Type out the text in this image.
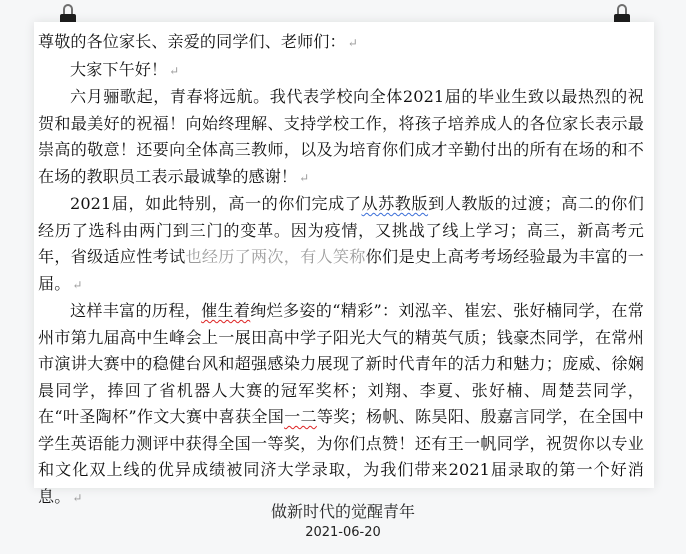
尊敬的各位家长、亲爱的同学们、老师们： ↵

大家下午好！ ↵

六月骊歌起，青春将远航。我代表学校向全体2021届的毕业生致以最热烈的祝贺和最美好的祝福！向始终理解、支持学校工作，将孩子培养成人的各位家长表示最崇高的敬意！还要向全体高三教师，以及为培育你们成才辛勤付出的所有在场的和不在场的教职员工表示最诚挚的感谢！ ↵

2021届，如此特别，高一的你们完成了从苏教版到人教版的过渡；高二的你们经历了选科由两门到三门的变革。因为疫情，又挑战了线上学习；高三，新高考元年，省级适应性考试也经历了两次，有人笑称你们是史上高考考场经验最为丰富的一届。 ↵

这样丰富的历程，催生着绚烂多姿的“精彩”：刘泓辛、崔宏、张好楠同学，在常州市第九届高中生峰会上一展田高中学子阳光大气的精英气质；钱豪杰同学，在常州市演讲大赛中的稳健台风和超强感染力展现了新时代青年的活力和魅力；庞威、徐娴晨同学，捧回了省机器人大赛的冠军奖杯；刘翔、李夏、张好楠、周楚芸同学，在“叶圣陶杯”作文大赛中喜获全国一二等奖；杨帆、陈昊阳、殷嘉言同学，在全国中学生英语能力测评中获得全国一等奖，为你们点赞！还有王一帆同学，祝贺你以专业和文化双上线的优异成绩被同济大学录取，为我们带来2021届录取的第一个好消息。 ↵

做新时代的觉醒青年
2021-06-20
